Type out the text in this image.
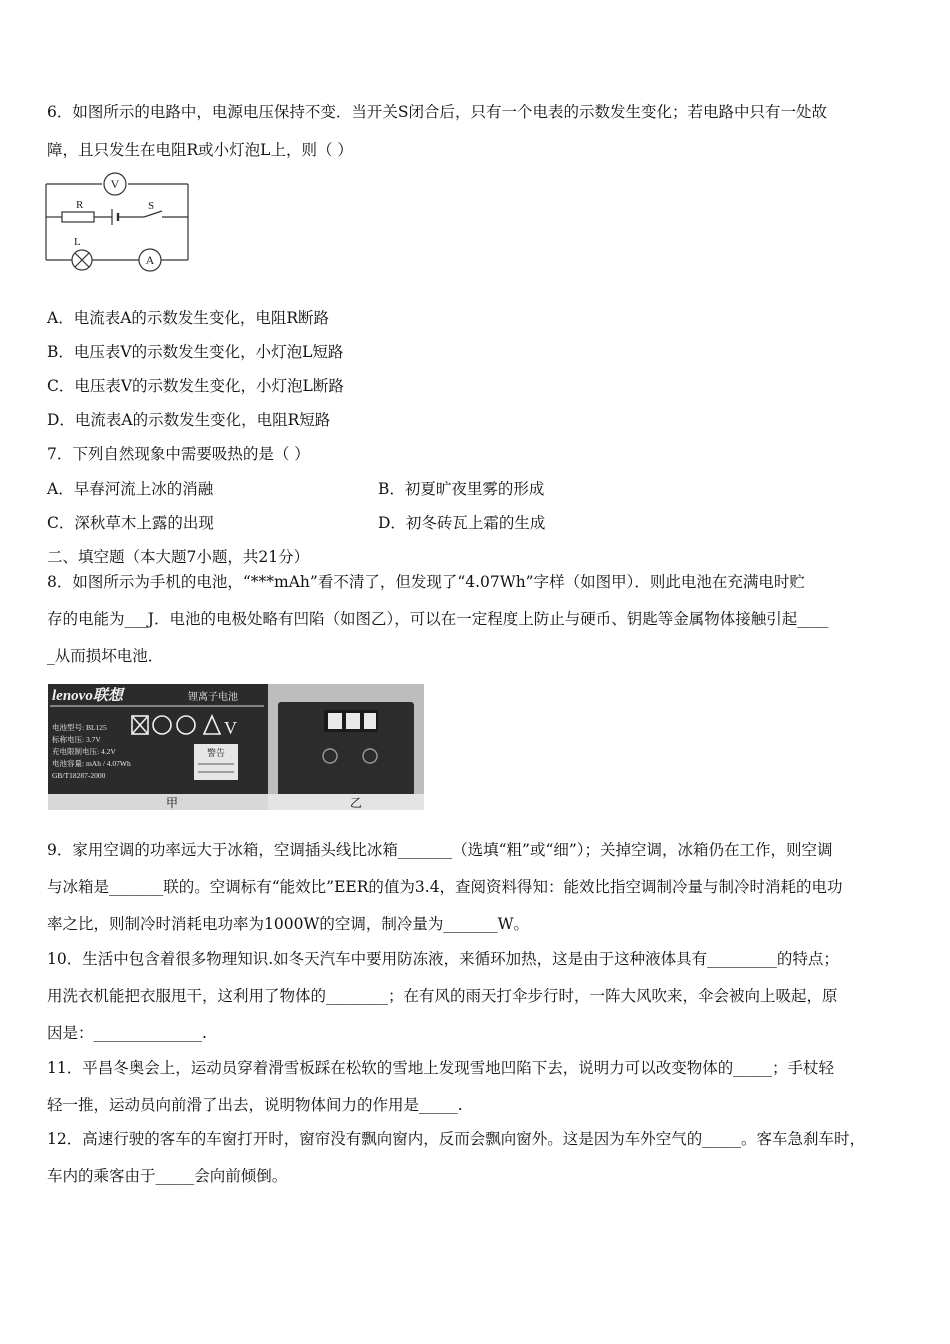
6．如图所示的电路中，电源电压保持不变．当开关S闭合后，只有一个电表的示数发生变化；若电路中只有一处故
障，且只发生在电阻R或小灯泡L上，则（ ）
V
A
R
L
S
A．电流表A的示数发生变化，电阻R断路
B．电压表V的示数发生变化，小灯泡L短路
C．电压表V的示数发生变化，小灯泡L断路
D．电流表A的示数发生变化，电阻R短路
7．下列自然现象中需要吸热的是（ ）
A．早春河流上冰的消融	B．初夏旷夜里雾的形成
C．深秋草木上露的出现	D．初冬砖瓦上霜的生成
二、填空题（本大题7小题，共21分）
8．如图所示为手机的电池，“***mAh”看不清了，但发现了“4.07Wh”字样（如图甲）．则此电池在充满电时贮
存的电能为___J．电池的电极处略有凹陷（如图乙），可以在一定程度上防止与硬币、钥匙等金属物体接触引起____
_从而损坏电池．
lenovo联想	锂离子电池
电池型号: BL125
标称电压: 3.7V
充电限制电压: 4.2V
电池容量: mAh / 4.07Wh
GB/T18287-2000
V
警告
甲	乙
9．家用空调的功率远大于冰箱，空调插头线比冰箱_______（选填“粗”或“细”）；关掉空调，冰箱仍在工作，则空调
与冰箱是_______联的。空调标有“能效比”EER的值为3.4，查阅资料得知：能效比指空调制冷量与制冷时消耗的电功
率之比，则制冷时消耗电功率为1000W的空调，制冷量为_______W。
10．生活中包含着很多物理知识.如冬天汽车中要用防冻液，来循环加热，这是由于这种液体具有_________的特点；
用洗衣机能把衣服甩干，这利用了物体的________；在有风的雨天打伞步行时，一阵大风吹来，伞会被向上吸起，原
因是：______________.
11．平昌冬奥会上，运动员穿着滑雪板踩在松软的雪地上发现雪地凹陷下去，说明力可以改变物体的_____；手杖轻
轻一推，运动员向前滑了出去，说明物体间力的作用是_____.
12．高速行驶的客车的车窗打开时，窗帘没有飘向窗内，反而会飘向窗外。这是因为车外空气的_____。客车急刹车时，
车内的乘客由于_____会向前倾倒。
